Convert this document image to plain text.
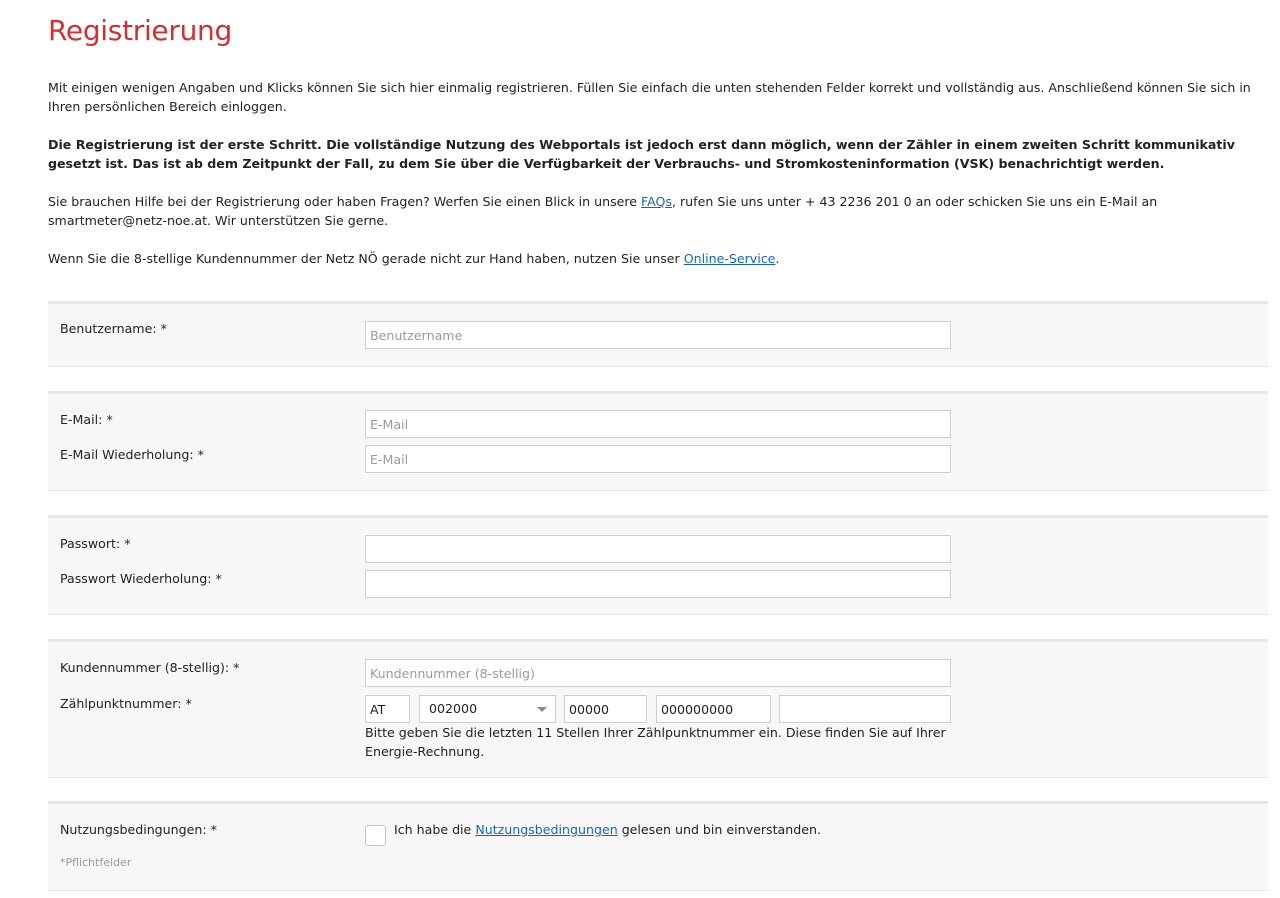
Registrierung

Mit einigen wenigen Angaben und Klicks können Sie sich hier einmalig registrieren. Füllen Sie einfach die unten stehenden Felder korrekt und vollständig aus. Anschließend können Sie sich in Ihren persönlichen Bereich einloggen.

Die Registrierung ist der erste Schritt. Die vollständige Nutzung des Webportals ist jedoch erst dann möglich, wenn der Zähler in einem zweiten Schritt kommunikativ gesetzt ist. Das ist ab dem Zeitpunkt der Fall, zu dem Sie über die Verfügbarkeit der Verbrauchs- und Stromkosteninformation (VSK) benachrichtigt werden.

Sie brauchen Hilfe bei der Registrierung oder haben Fragen? Werfen Sie einen Blick in unsere FAQs, rufen Sie uns unter + 43 2236 201 0 an oder schicken Sie uns ein E-Mail an smartmeter@netz-noe.at. Wir unterstützen Sie gerne.

Wenn Sie die 8-stellige Kundennummer der Netz NÖ gerade nicht zur Hand haben, nutzen Sie unser Online-Service.

Benutzername: *
Benutzername
E-Mail: *
E-Mail
E-Mail Wiederholung: *
E-Mail
Passwort: *
Passwort Wiederholung: *
Kundennummer (8-stellig): *
Kundennummer (8-stellig)
Zählpunktnummer: *
AT	002000
00000
000000000
Bitte geben Sie die letzten 11 Stellen Ihrer Zählpunktnummer ein. Diese finden Sie auf Ihrer Energie-Rechnung.
Nutzungsbedingungen: *	Ich habe die Nutzungsbedingungen gelesen und bin einverstanden.
*Pflichtfelder
